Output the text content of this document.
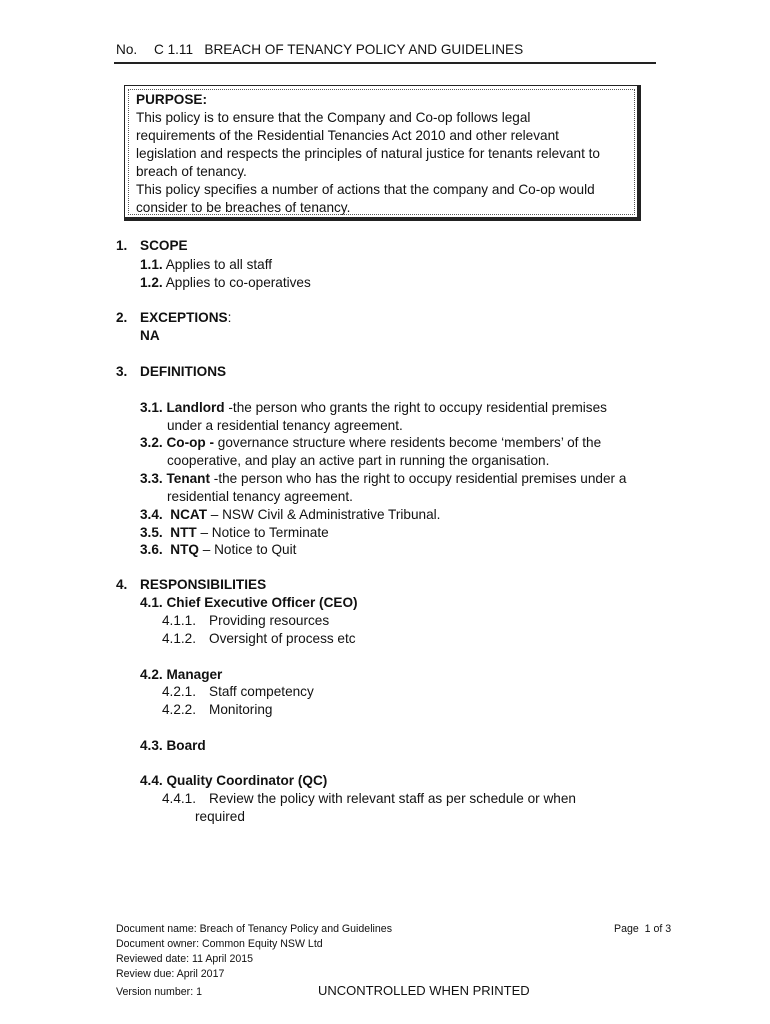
No. C 1.11   BREACH OF TENANCY POLICY AND GUIDELINES
PURPOSE:
This policy is to ensure that the Company and Co-op follows legal
requirements of the Residential Tenancies Act 2010 and other relevant
legislation and respects the principles of natural justice for tenants relevant to
breach of tenancy.
This policy specifies a number of actions that the company and Co-op would
consider to be breaches of tenancy.
1. SCOPE
1.1. Applies to all staff
1.2. Applies to co-operatives
2. EXCEPTIONS:
NA
3. DEFINITIONS
3.1. Landlord -the person who grants the right to occupy residential premises
under a residential tenancy agreement.
3.2. Co-op - governance structure where residents become ‘members’ of the
cooperative, and play an active part in running the organisation.
3.3. Tenant -the person who has the right to occupy residential premises under a
residential tenancy agreement.
3.4. NCAT – NSW Civil & Administrative Tribunal.
3.5. NTT – Notice to Terminate
3.6. NTQ – Notice to Quit
4. RESPONSIBILITIES
4.1. Chief Executive Officer (CEO)
4.1.1. Providing resources
4.1.2. Oversight of process etc
4.2. Manager
4.2.1. Staff competency
4.2.2. Monitoring
4.3. Board
4.4. Quality Coordinator (QC)
4.4.1. Review the policy with relevant staff as per schedule or when
required
Document name: Breach of Tenancy Policy and Guidelines
Document owner: Common Equity NSW Ltd
Reviewed date: 11 April 2015
Review due: April 2017
Version number: 1
Page  1 of 3
UNCONTROLLED WHEN PRINTED
